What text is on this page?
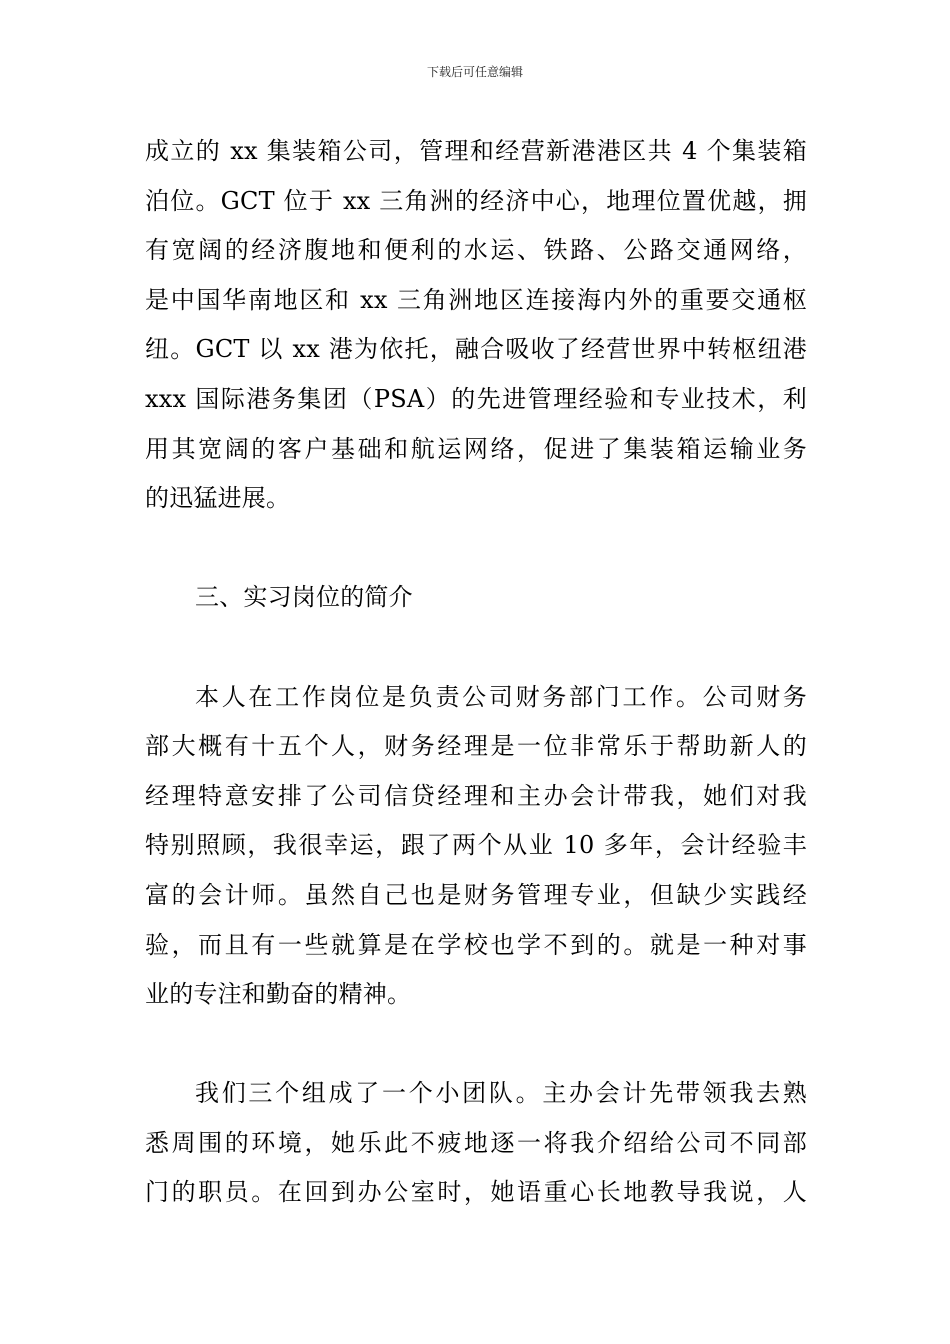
下载后可任意编辑
成立的 xx 集装箱公司，管理和经营新港港区共 4 个集装箱
泊位。GCT 位于 xx 三角洲的经济中心，地理位置优越，拥
有宽阔的经济腹地和便利的水运、铁路、公路交通网络，
是中国华南地区和 xx 三角洲地区连接海内外的重要交通枢
纽。GCT 以 xx 港为依托，融合吸收了经营世界中转枢纽港
xxx 国际港务集团（PSA）的先进管理经验和专业技术，利
用其宽阔的客户基础和航运网络，促进了集装箱运输业务
的迅猛进展。
三、实习岗位的简介
本人在工作岗位是负责公司财务部门工作。公司财务
部大概有十五个人，财务经理是一位非常乐于帮助新人的
经理特意安排了公司信贷经理和主办会计带我，她们对我
特别照顾，我很幸运，跟了两个从业 10 多年，会计经验丰
富的会计师。虽然自己也是财务管理专业，但缺少实践经
验，而且有一些就算是在学校也学不到的。就是一种对事
业的专注和勤奋的精神。
我们三个组成了一个小团队。主办会计先带领我去熟
悉周围的环境，她乐此不疲地逐一将我介绍给公司不同部
门的职员。在回到办公室时，她语重心长地教导我说，人
